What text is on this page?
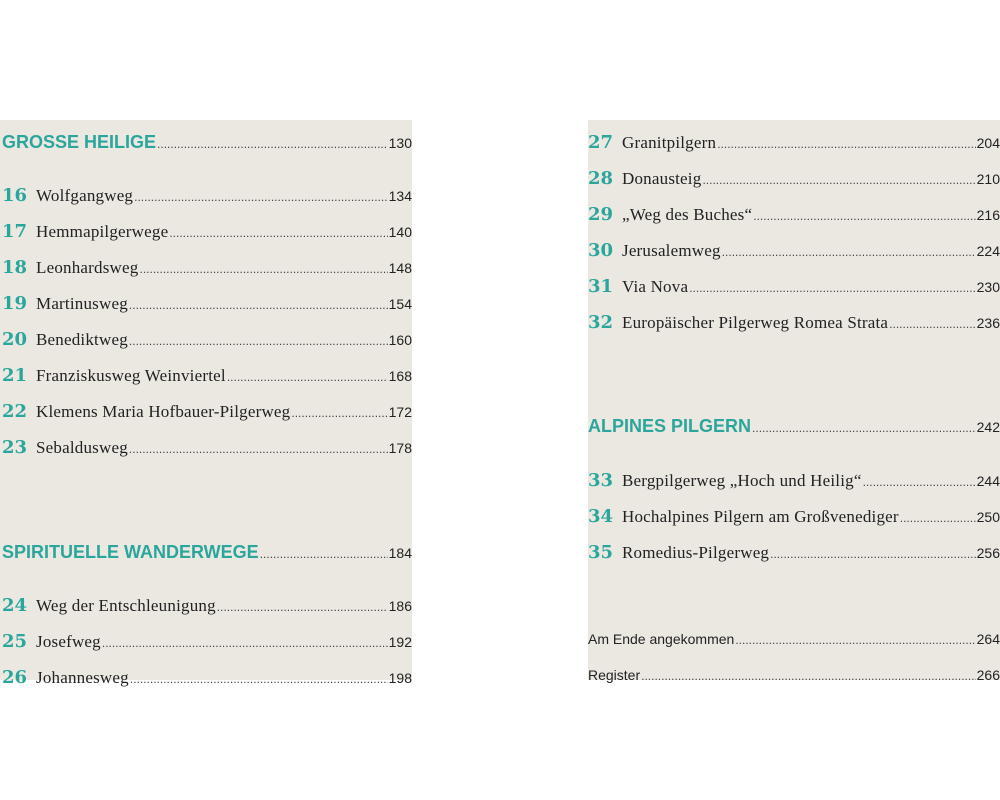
GROSSE HEILIGE .....	130
16 Wolfgangweg .....	134
17 Hemmapilgerwege .....	140
18 Leonhardsweg .....	148
19 Martinusweg .....	154
20 Benediktweg .....	160
21 Franziskusweg Weinviertel .....	168
22 Klemens Maria Hofbauer-Pilgerweg .....	172
23 Sebaldusweg .....	178
SPIRITUELLE WANDERWEGE .....	184
24 Weg der Entschleunigung .....	186
25 Josefweg .....	192
26 Johannesweg .....	198
27 Granitpilgern .....	204
28 Donausteig .....	210
29 „Weg des Buches“ .....	216
30 Jerusalemweg .....	224
31 Via Nova .....	230
32 Europäischer Pilgerweg Romea Strata .....	236
ALPINES PILGERN .....	242
33 Bergpilgerweg „Hoch und Heilig“ .....	244
34 Hochalpines Pilgern am Großvenediger .....	250
35 Romedius-Pilgerweg .....	256
Am Ende angekommen .....	264
Register .....	266
